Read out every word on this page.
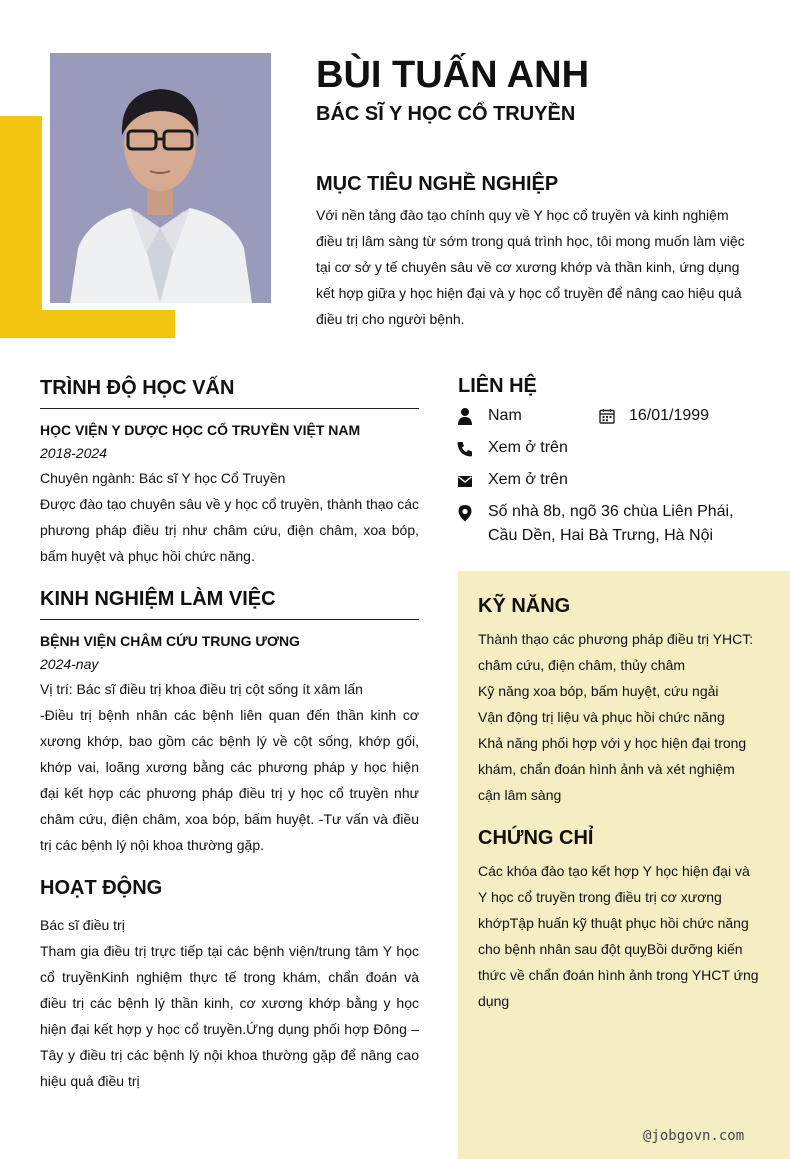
BÙI TUẤN ANH
BÁC SĨ Y HỌC CỔ TRUYỀN
MỤC TIÊU NGHỀ NGHIỆP

Với nền tảng đào tạo chính quy về Y học cổ truyền và kinh nghiệm điều trị lâm sàng từ sớm trong quá trình học, tôi mong muốn làm việc tại cơ sở y tế chuyên sâu về cơ xương khớp và thần kinh, ứng dụng kết hợp giữa y học hiện đại và y học cổ truyền để nâng cao hiệu quả điều trị cho người bệnh.

TRÌNH ĐỘ HỌC VẤN

HỌC VIỆN Y DƯỢC HỌC CỔ TRUYỀN VIỆT NAM

2018-2024

Chuyên ngành: Bác sĩ Y học Cổ Truyền

Được đào tạo chuyên sâu về y học cổ truyền, thành thạo các phương pháp điều trị như châm cứu, điện châm, xoa bóp, bấm huyệt và phục hồi chức năng.

KINH NGHIỆM LÀM VIỆC

BỆNH VIỆN CHÂM CỨU TRUNG ƯƠNG

2024-nay

Vị trí: Bác sĩ điều trị khoa điều trị cột sống ít xâm lấn

-Điều trị bệnh nhân các bệnh liên quan đến thần kinh cơ xương khớp, bao gồm các bệnh lý về cột sống, khớp gối, khớp vai, loãng xương bằng các phương pháp y học hiện đại kết hợp các phương pháp điều trị y học cổ truyền như châm cứu, điện châm, xoa bóp, bấm huyệt. -Tư vấn và điều trị các bệnh lý nội khoa thường gặp.

HOẠT ĐỘNG

Bác sĩ điều trị

Tham gia điều trị trực tiếp tại các bệnh viện/trung tâm Y học cổ truyềnKinh nghiệm thực tế trong khám, chẩn đoán và điều trị các bệnh lý thần kinh, cơ xương khớp bằng y học hiện đại kết hợp y học cổ truyền.Ứng dụng phối hợp Đông – Tây y điều trị các bệnh lý nội khoa thường gặp để nâng cao hiệu quả điều trị

LIÊN HỆ
Nam	16/01/1999
Xem ở trên
Xem ở trên
Số nhà 8b, ngõ 36 chùa Liên Phái,
Cầu Dền, Hai Bà Trưng, Hà Nội
KỸ NĂNG

Thành thạo các phương pháp điều trị YHCT: châm cứu, điện châm, thủy châm

Kỹ năng xoa bóp, bấm huyệt, cứu ngải

Vận động trị liệu và phục hồi chức năng

Khả năng phối hợp với y học hiện đại trong khám, chẩn đoán hình ảnh và xét nghiệm cận lâm sàng

CHỨNG CHỈ

Các khóa đào tạo kết hợp Y học hiện đại và Y học cổ truyền trong điều trị cơ xương khớpTập huấn kỹ thuật phục hồi chức năng cho bệnh nhân sau đột quỵBồi dưỡng kiến thức về chẩn đoán hình ảnh trong YHCT ứng dụng

@jobgovn.com
